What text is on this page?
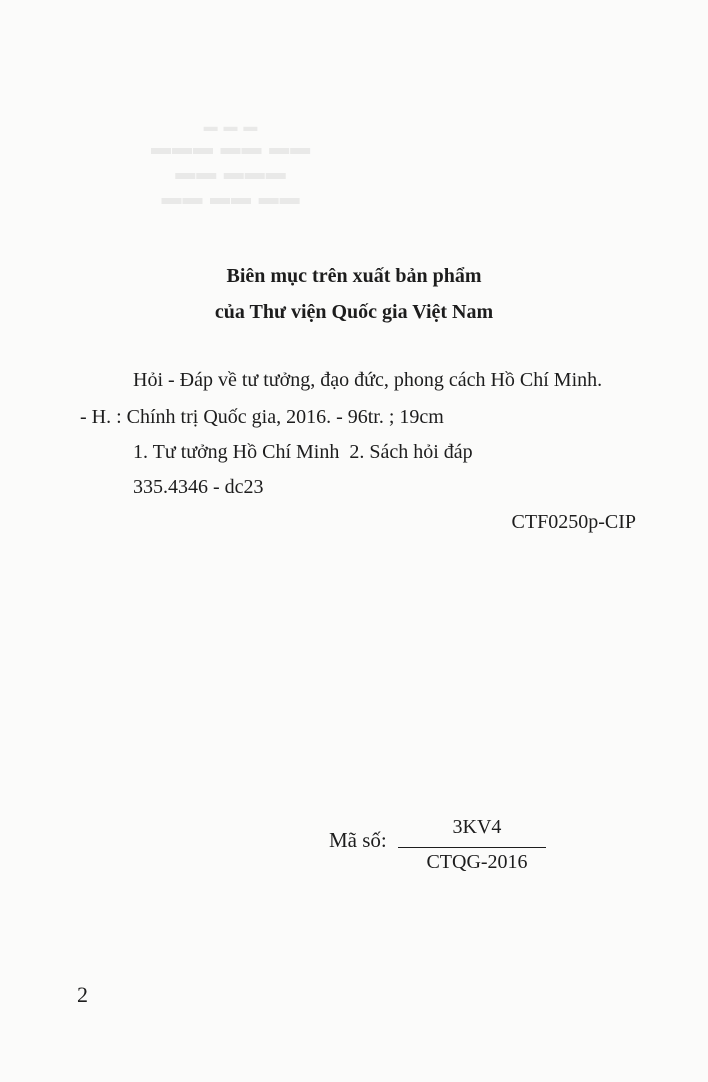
▬ ▬ ▬
▬▬ ▬▬ ▬▬▬
▬▬▬ ▬▬
▬▬ ▬▬ ▬▬
Biên mục trên xuất bản phẩm
của Thư viện Quốc gia Việt Nam
Hỏi - Đáp về tư tưởng, đạo đức, phong cách Hồ Chí Minh.
- H. : Chính trị Quốc gia, 2016. - 96tr. ; 19cm
1. Tư tưởng Hồ Chí Minh  2. Sách hỏi đáp
335.4346 - dc23
CTF0250p-CIP
Mã số:
3KV4
CTQG-2016
2
